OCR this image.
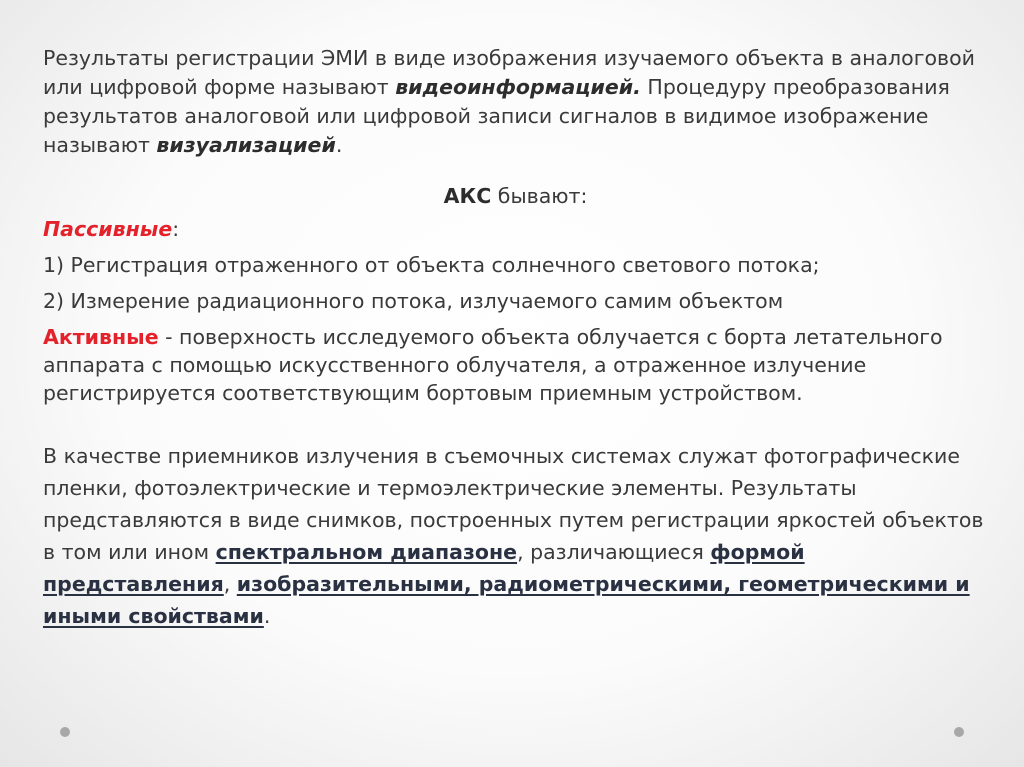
Результаты регистрации ЭМИ в виде изображения изучаемого объекта в аналоговой или цифровой форме называют видеоинформацией. Процедуру преобразования результатов аналоговой или цифровой записи сигналов в видимое изображение называют визуализацией.

АКС бывают:

Пассивные:

1) Регистрация отраженного от объекта солнечного светового потока;

2) Измерение радиационного потока, излучаемого самим объектом

Активные - поверхность исследуемого объекта облучается с борта летательного аппарата с помощью искусственного облучателя, а отраженное излучение регистрируется соответствующим бортовым приемным устройством.

В качестве приемников излучения в съемочных системах служат фотографические пленки, фотоэлектрические и термоэлектрические элементы. Результаты представляются в виде снимков, построенных путем регистрации яркостей объектов в том или ином спектральном диапазоне, различающиеся формой представления, изобразительными, радиометрическими, геометрическими и иными свойствами.
